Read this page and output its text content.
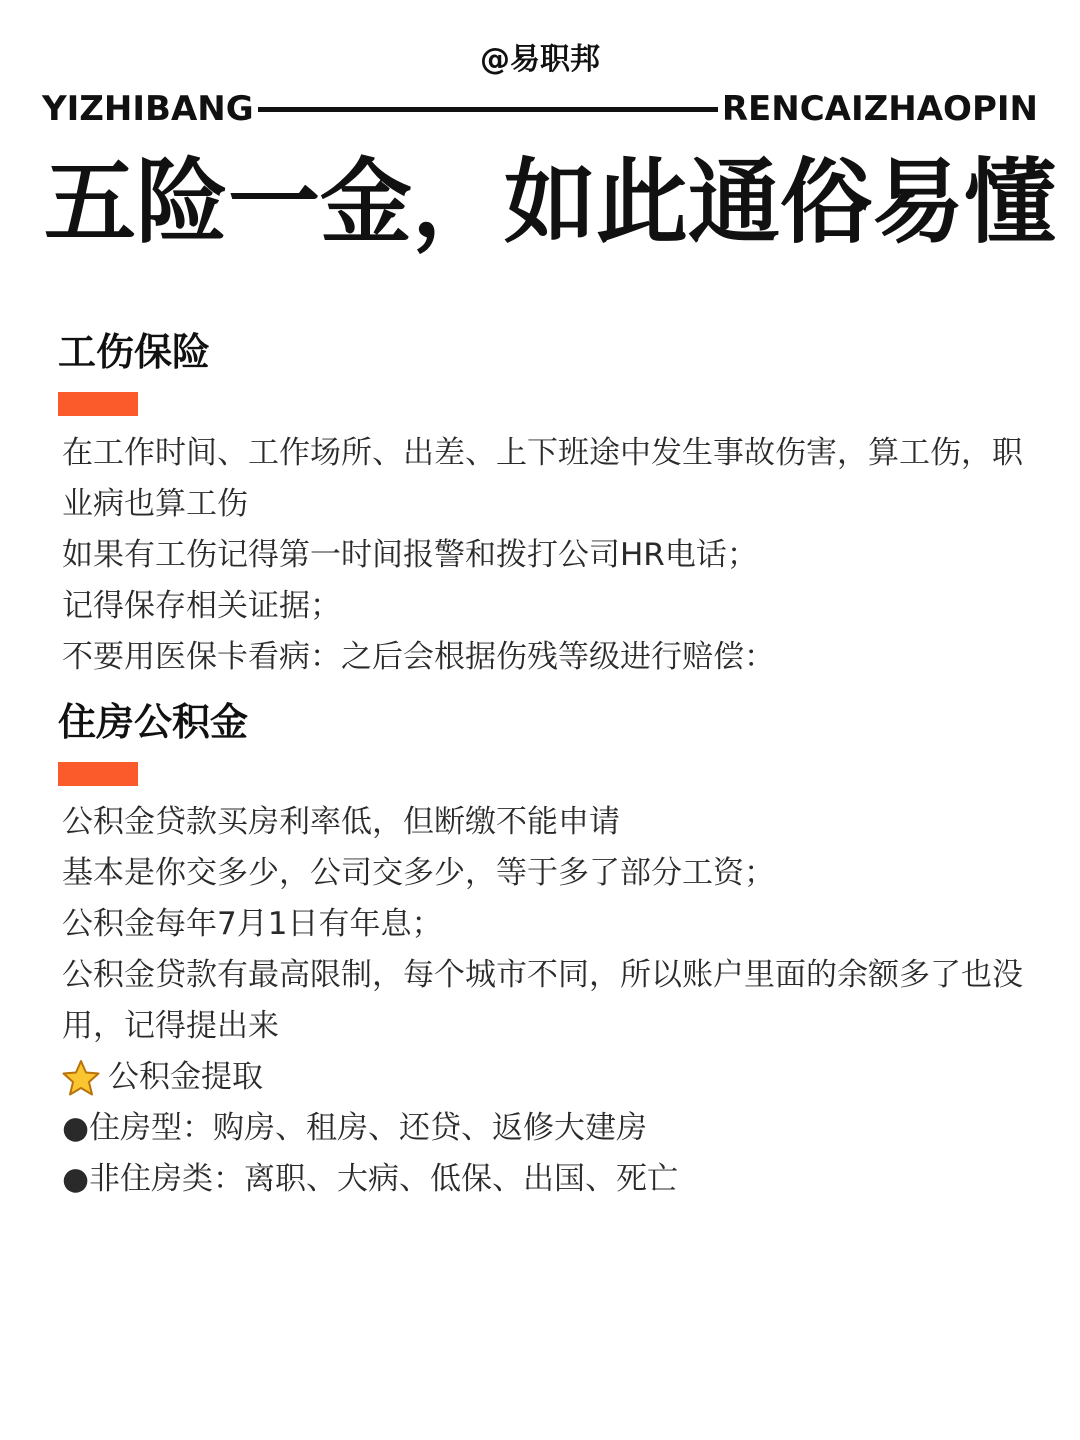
@易职邦
YIZHIBANG	RENCAIZHAOPIN
五险一金，如此通俗易懂
工伤保险

在工作时间、工作场所、出差、上下班途中发生事故伤害，算工伤，职业病也算工伤

如果有工伤记得第一时间报警和拨打公司HR电话；

记得保存相关证据；

不要用医保卡看病：之后会根据伤残等级进行赔偿：

住房公积金

公积金贷款买房利率低，但断缴不能申请

基本是你交多少，公司交多少，等于多了部分工资；

公积金每年7月1日有年息；

公积金贷款有最高限制，每个城市不同，所以账户里面的余额多了也没用，记得提出来

公积金提取

●住房型：购房、租房、还贷、返修大建房

●非住房类：离职、大病、低保、出国、死亡
